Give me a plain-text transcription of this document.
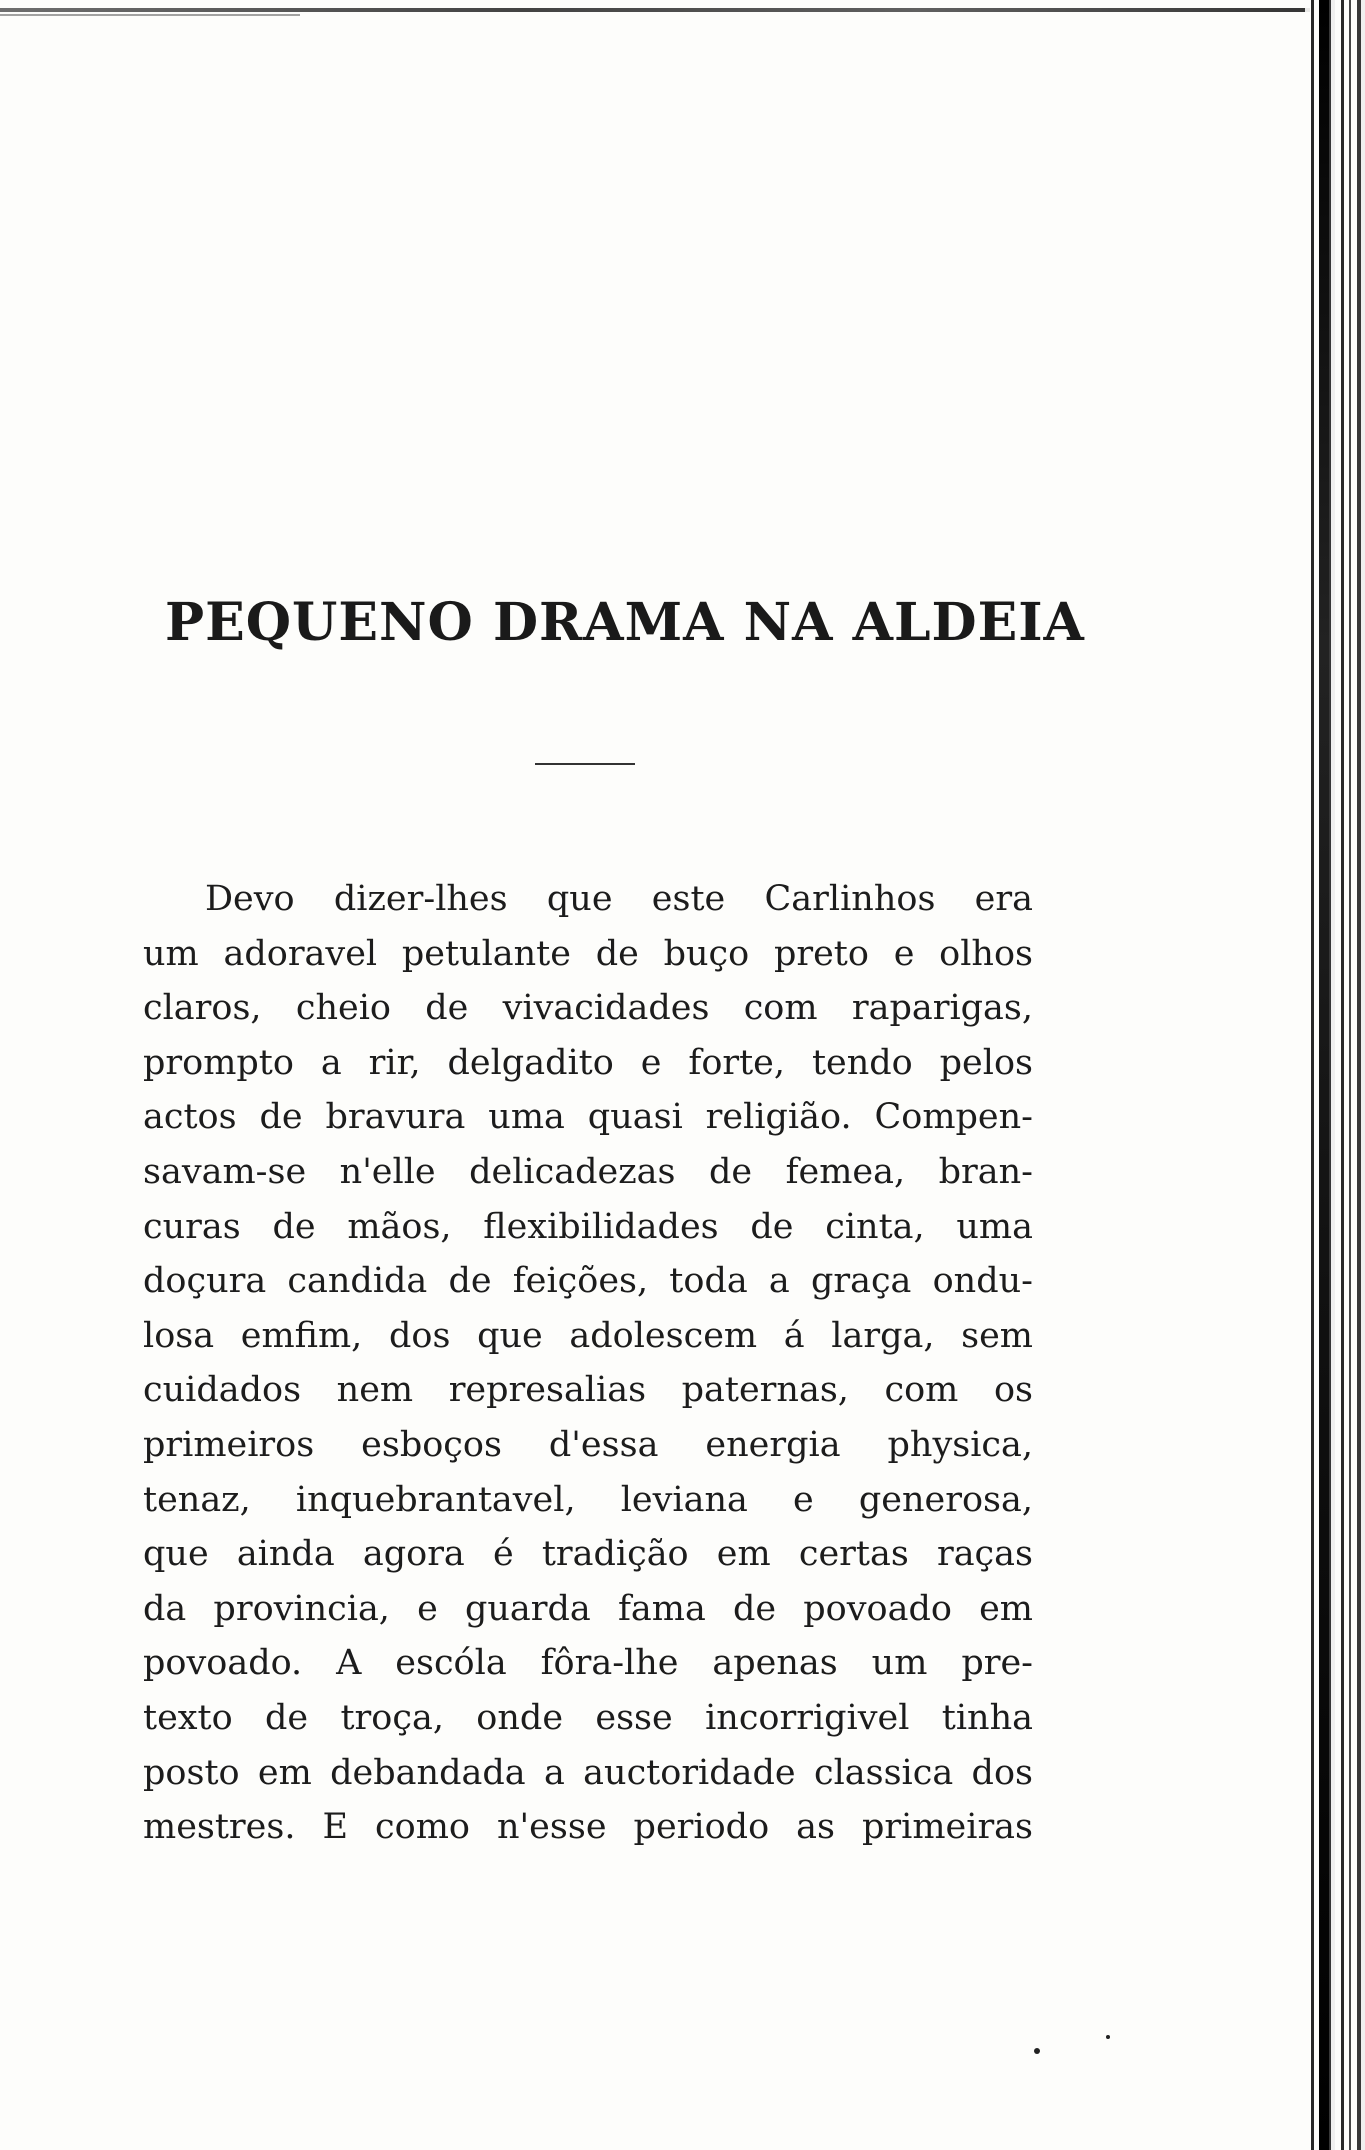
PEQUENO DRAMA NA ALDEIA
Devo dizer-lhes que este Carlinhos era
um adoravel petulante de buço preto e olhos
claros, cheio de vivacidades com raparigas,
prompto a rir, delgadito e forte, tendo pelos
actos de bravura uma quasi religião. Compen-
savam-se n'elle delicadezas de femea, bran-
curas de mãos, flexibilidades de cinta, uma
doçura candida de feições, toda a graça ondu-
losa emfim, dos que adolescem á larga, sem
cuidados nem represalias paternas, com os
primeiros esboços d'essa energia physica,
tenaz, inquebrantavel, leviana e generosa,
que ainda agora é tradição em certas raças
da provincia, e guarda fama de povoado em
povoado. A escóla fôra-lhe apenas um pre-
texto de troça, onde esse incorrigivel tinha
posto em debandada a auctoridade classica dos
mestres. E como n'esse periodo as primeiras
